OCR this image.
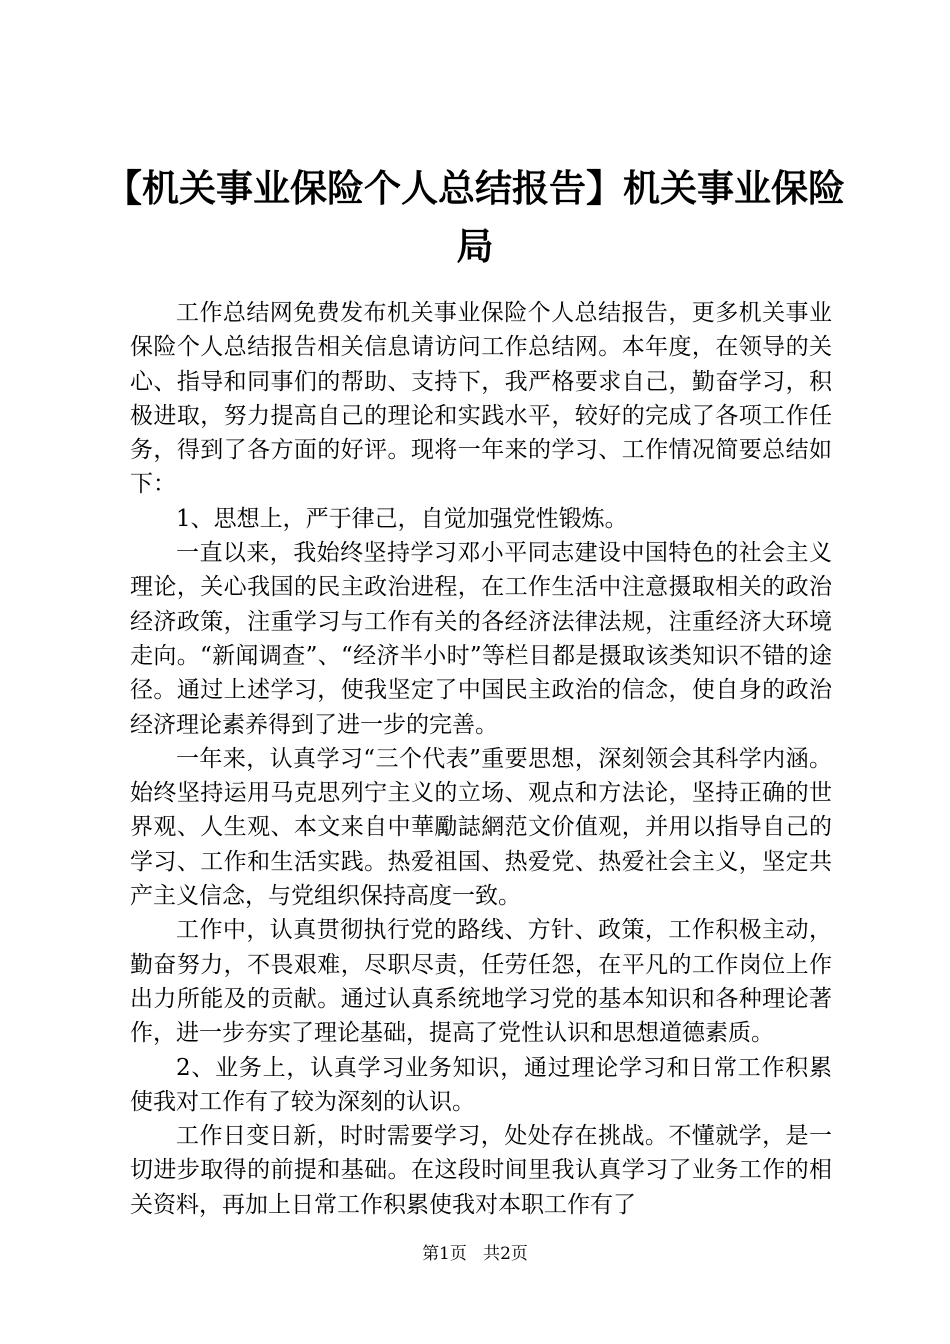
【机关事业保险个人总结报告】机关事业保险局

工作总结网免费发布机关事业保险个人总结报告，更多机关事业保险个人总结报告相关信息请访问工作总结网。本年度，在领导的关心、指导和同事们的帮助、支持下，我严格要求自己，勤奋学习，积极进取，努力提高自己的理论和实践水平，较好的完成了各项工作任务，得到了各方面的好评。现将一年来的学习、工作情况简要总结如下：

1、思想上，严于律己，自觉加强党性锻炼。

一直以来，我始终坚持学习邓小平同志建设中国特色的社会主义理论，关心我国的民主政治进程，在工作生活中注意摄取相关的政治经济政策，注重学习与工作有关的各经济法律法规，注重经济大环境走向。“新闻调查”、“经济半小时”等栏目都是摄取该类知识不错的途径。通过上述学习，使我坚定了中国民主政治的信念，使自身的政治经济理论素养得到了进一步的完善。

一年来，认真学习“三个代表”重要思想，深刻领会其科学内涵。始终坚持运用马克思列宁主义的立场、观点和方法论，坚持正确的世界观、人生观、本文来自中華勵誌網范文价值观，并用以指导自己的学习、工作和生活实践。热爱祖国、热爱党、热爱社会主义，坚定共产主义信念，与党组织保持高度一致。

工作中，认真贯彻执行党的路线、方针、政策，工作积极主动，勤奋努力，不畏艰难，尽职尽责，任劳任怨，在平凡的工作岗位上作出力所能及的贡献。通过认真系统地学习党的基本知识和各种理论著作，进一步夯实了理论基础，提高了党性认识和思想道德素质。

2、业务上，认真学习业务知识，通过理论学习和日常工作积累使我对工作有了较为深刻的认识。

工作日变日新，时时需要学习，处处存在挑战。不懂就学，是一切进步取得的前提和基础。在这段时间里我认真学习了业务工作的相关资料，再加上日常工作积累使我对本职工作有了

第1页 共2页
